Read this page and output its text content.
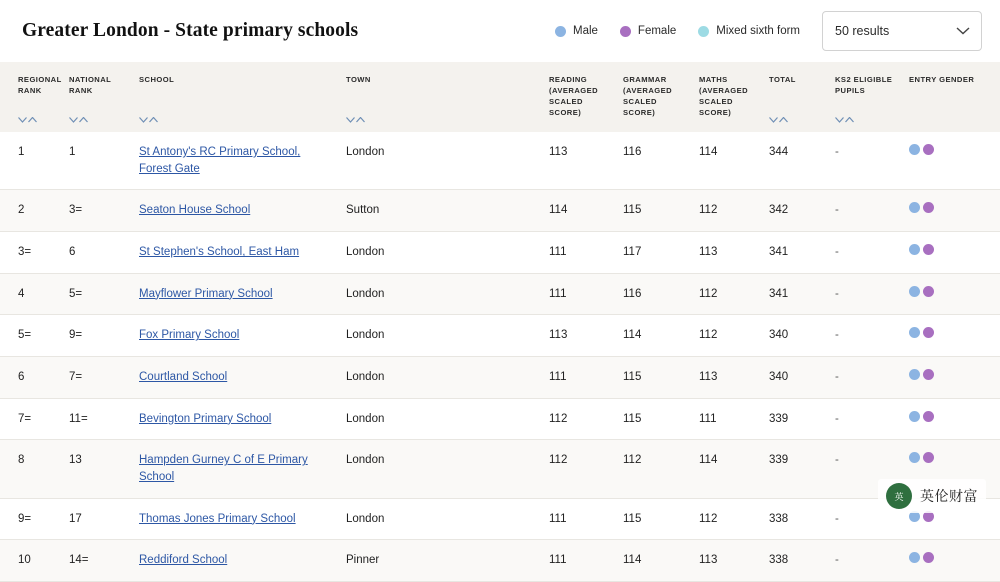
Greater London - State primary schools	Male	Female	Mixed sixth form	50 results
REGIONAL RANK	NATIONAL RANK	SCHOOL	TOWN	READING (AVERAGED SCALED SCORE)	GRAMMAR (AVERAGED SCALED SCORE)	MATHS (AVERAGED SCALED SCORE)	TOTAL	KS2 ELIGIBLE PUPILS	ENTRY GENDER

1	1	St Antony's RC Primary School, Forest Gate	London	113	116	114	344	-	

2	3=	Seaton House School	Sutton	114	115	112	342	-	

3=	6	St Stephen's School, East Ham	London	111	117	113	341	-	

4	5=	Mayflower Primary School	London	111	116	112	341	-	

5=	9=	Fox Primary School	London	113	114	112	340	-	

6	7=	Courtland School	London	111	115	113	340	-	

7=	11=	Bevington Primary School	London	112	115	111	339	-	

8	13	Hampden Gurney C of E Primary School	London	112	112	114	339	-	

9=	17	Thomas Jones Primary School	London	111	115	112	338	-	

10	14=	Reddiford School	Pinner	111	114	113	338	-	
英	英伦财富
